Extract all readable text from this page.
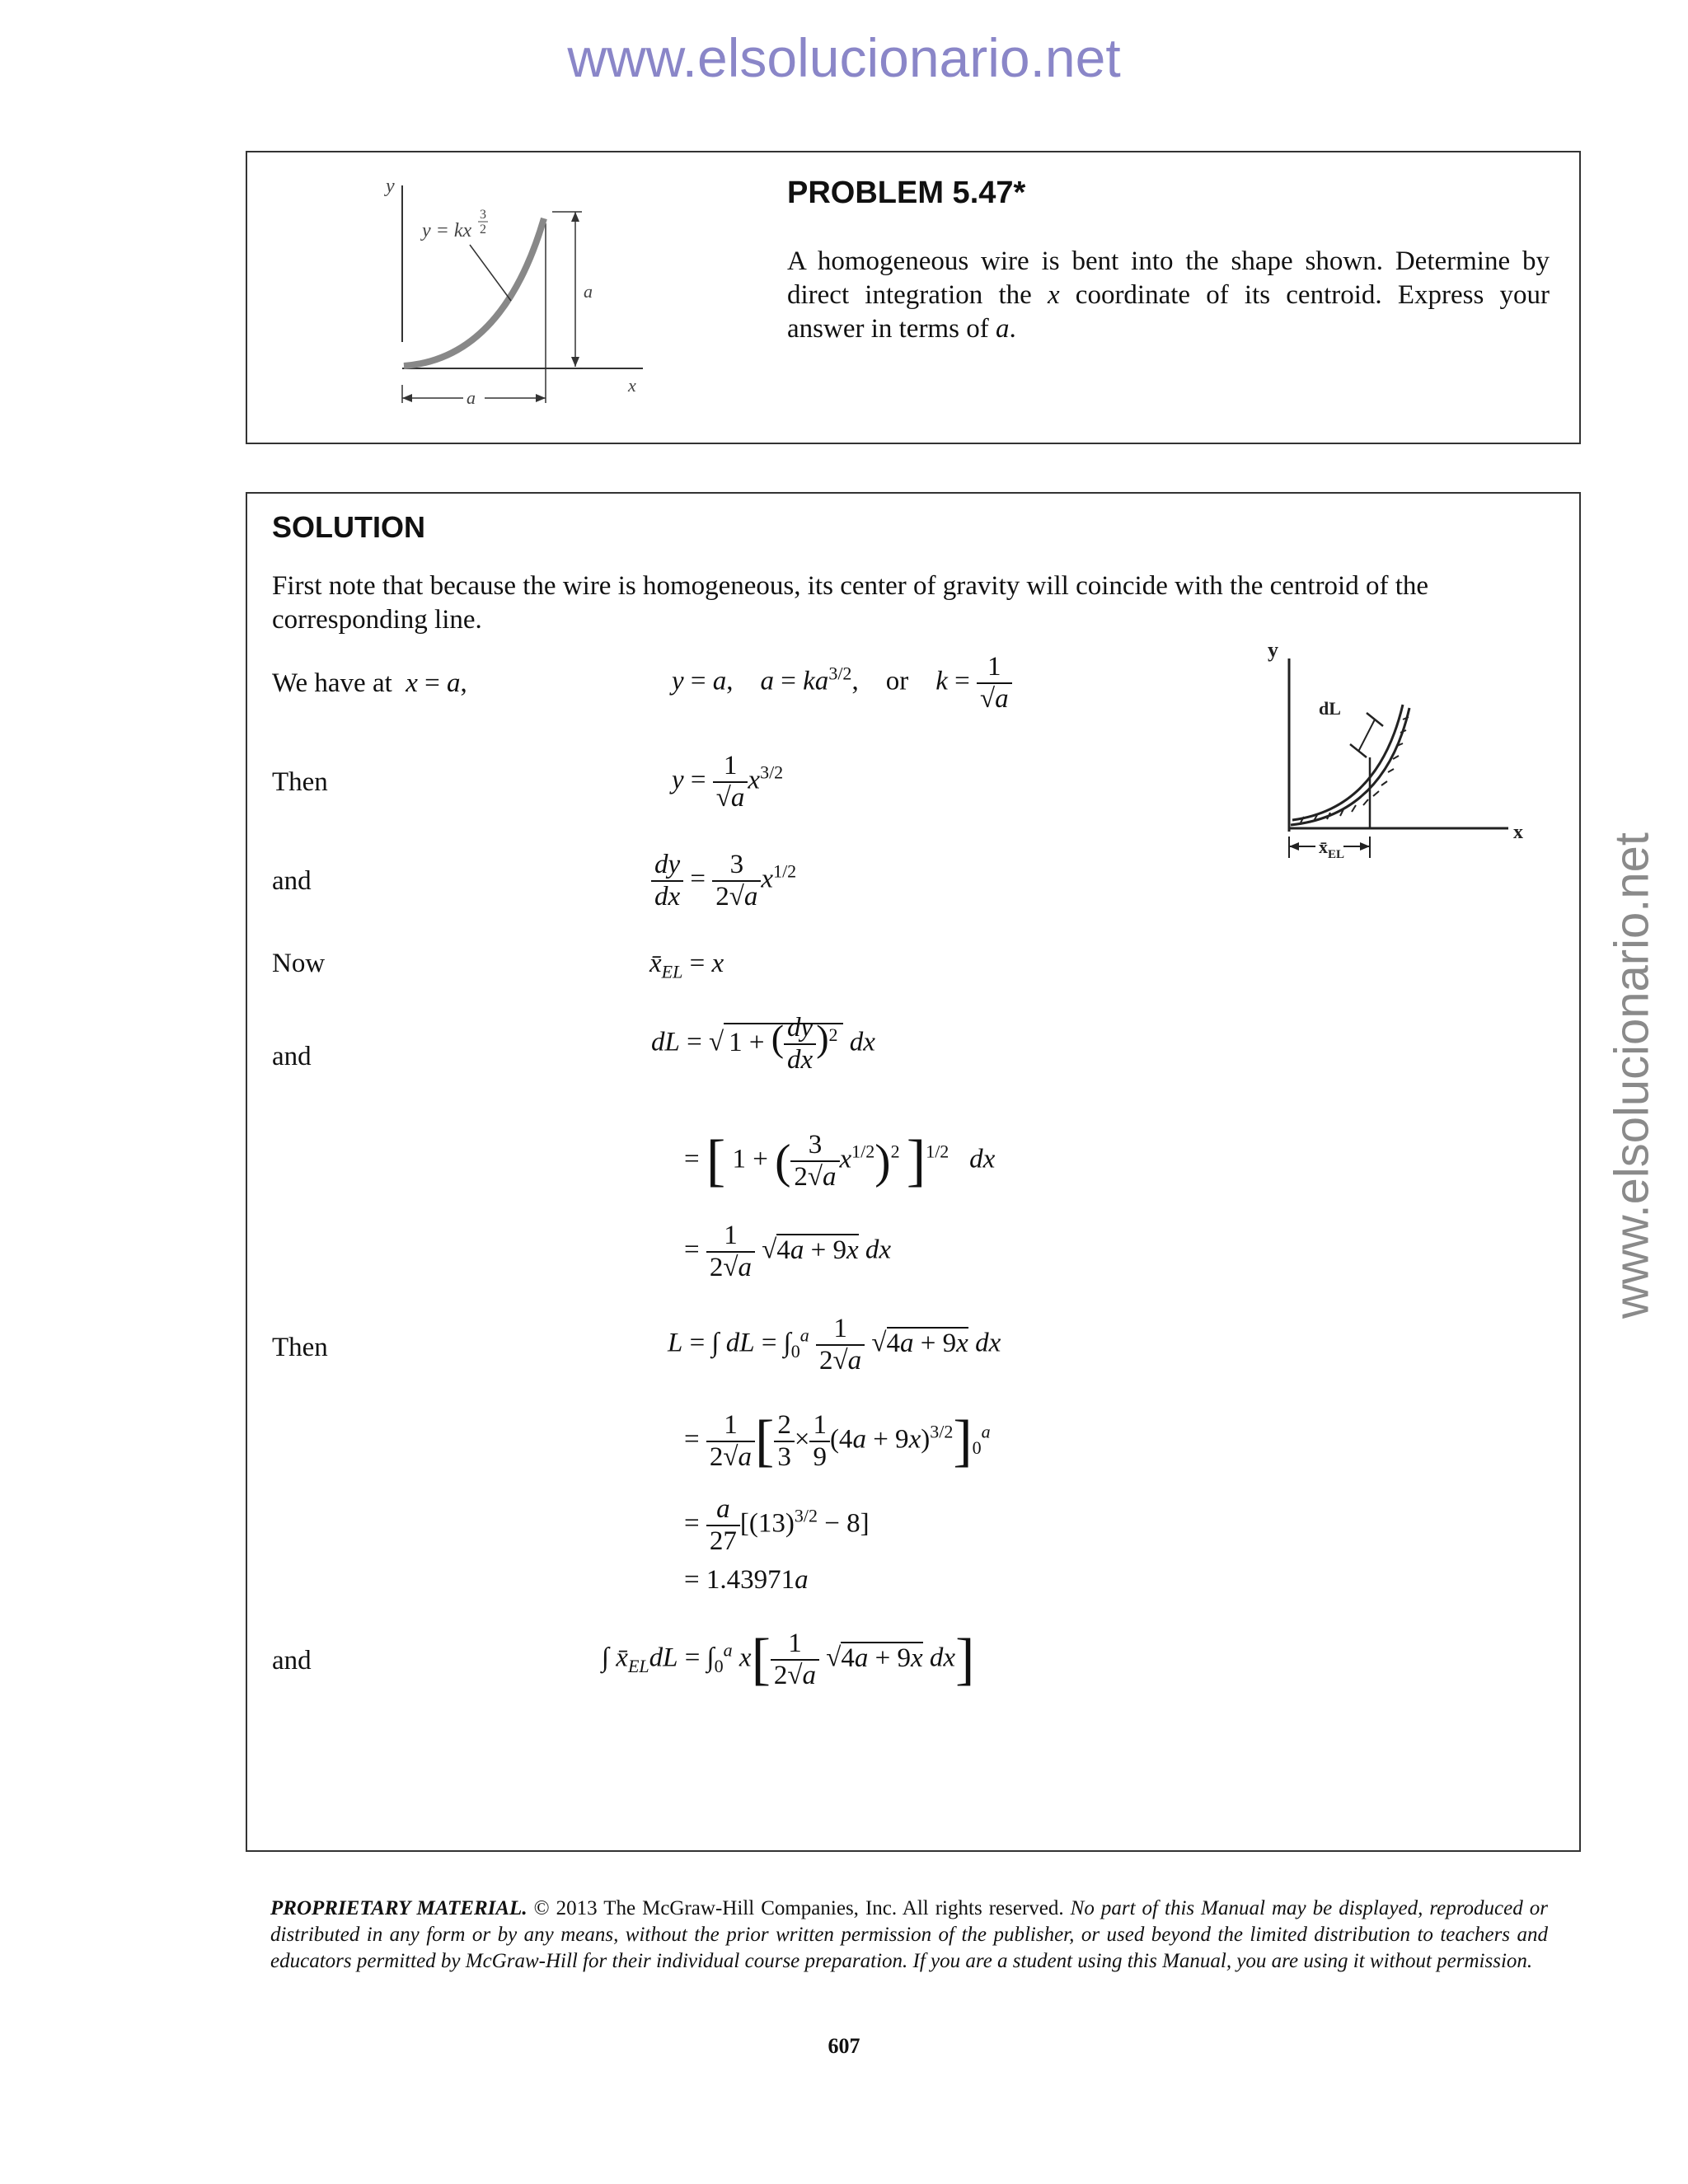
www.elsolucionario.net
www.elsolucionario.net
y
y = kx
3
2
a
x
a
PROBLEM 5.47*
A homogeneous wire is bent into the shape shown. Determine by direct integration the x coordinate of its centroid. Express your answer in terms of a.
SOLUTION
First note that because the wire is homogeneous, its center of gravity will coincide with the centroid of the corresponding line.
y
x
dL
$x̄_{EL}$
We have at  x = a,	y = a,    $a = ka^{3/2}$,    or    $k = \frac{1}{√a}$
Then	$y = \frac{1}{√a} x^{3/2}$
and	$\frac{dy}{dx} = \frac{3}{2√a} x^{1/2}$
Now	$x̄_{EL} = x$
and	dL = √ 1 + ( $\frac{dy}{dx} )^2$ dx
= [ 1 + ( $\frac{3}{2√a} x^{1/2})^2$ ]$^{1/2}$ dx
= $\frac{1}{2√a} √4a + 9x$ dx
Then	L = ∫ dL = $\int_0^a \frac{1}{2√a} √4a + 9x$ dx
= $\frac{1}{2√a}$ [ $\frac{2}{3} \times \frac{1}{9} (4a + 9x)^{3/2}]_0^a$
= $\frac{a}{27} [(13)^{3/2} - 8]$
= 1.43971a
and	∫ $x̄_{EL}dL = \int_0^a$ $x[ \frac{1}{2√a} √4a + 9x$ dx]
PROPRIETARY MATERIAL. © 2013 The McGraw-Hill Companies, Inc. All rights reserved. No part of this Manual may be displayed, reproduced or distributed in any form or by any means, without the prior written permission of the publisher, or used beyond the limited distribution to teachers and educators permitted by McGraw-Hill for their individual course preparation. If you are a student using this Manual, you are using it without permission.
607
